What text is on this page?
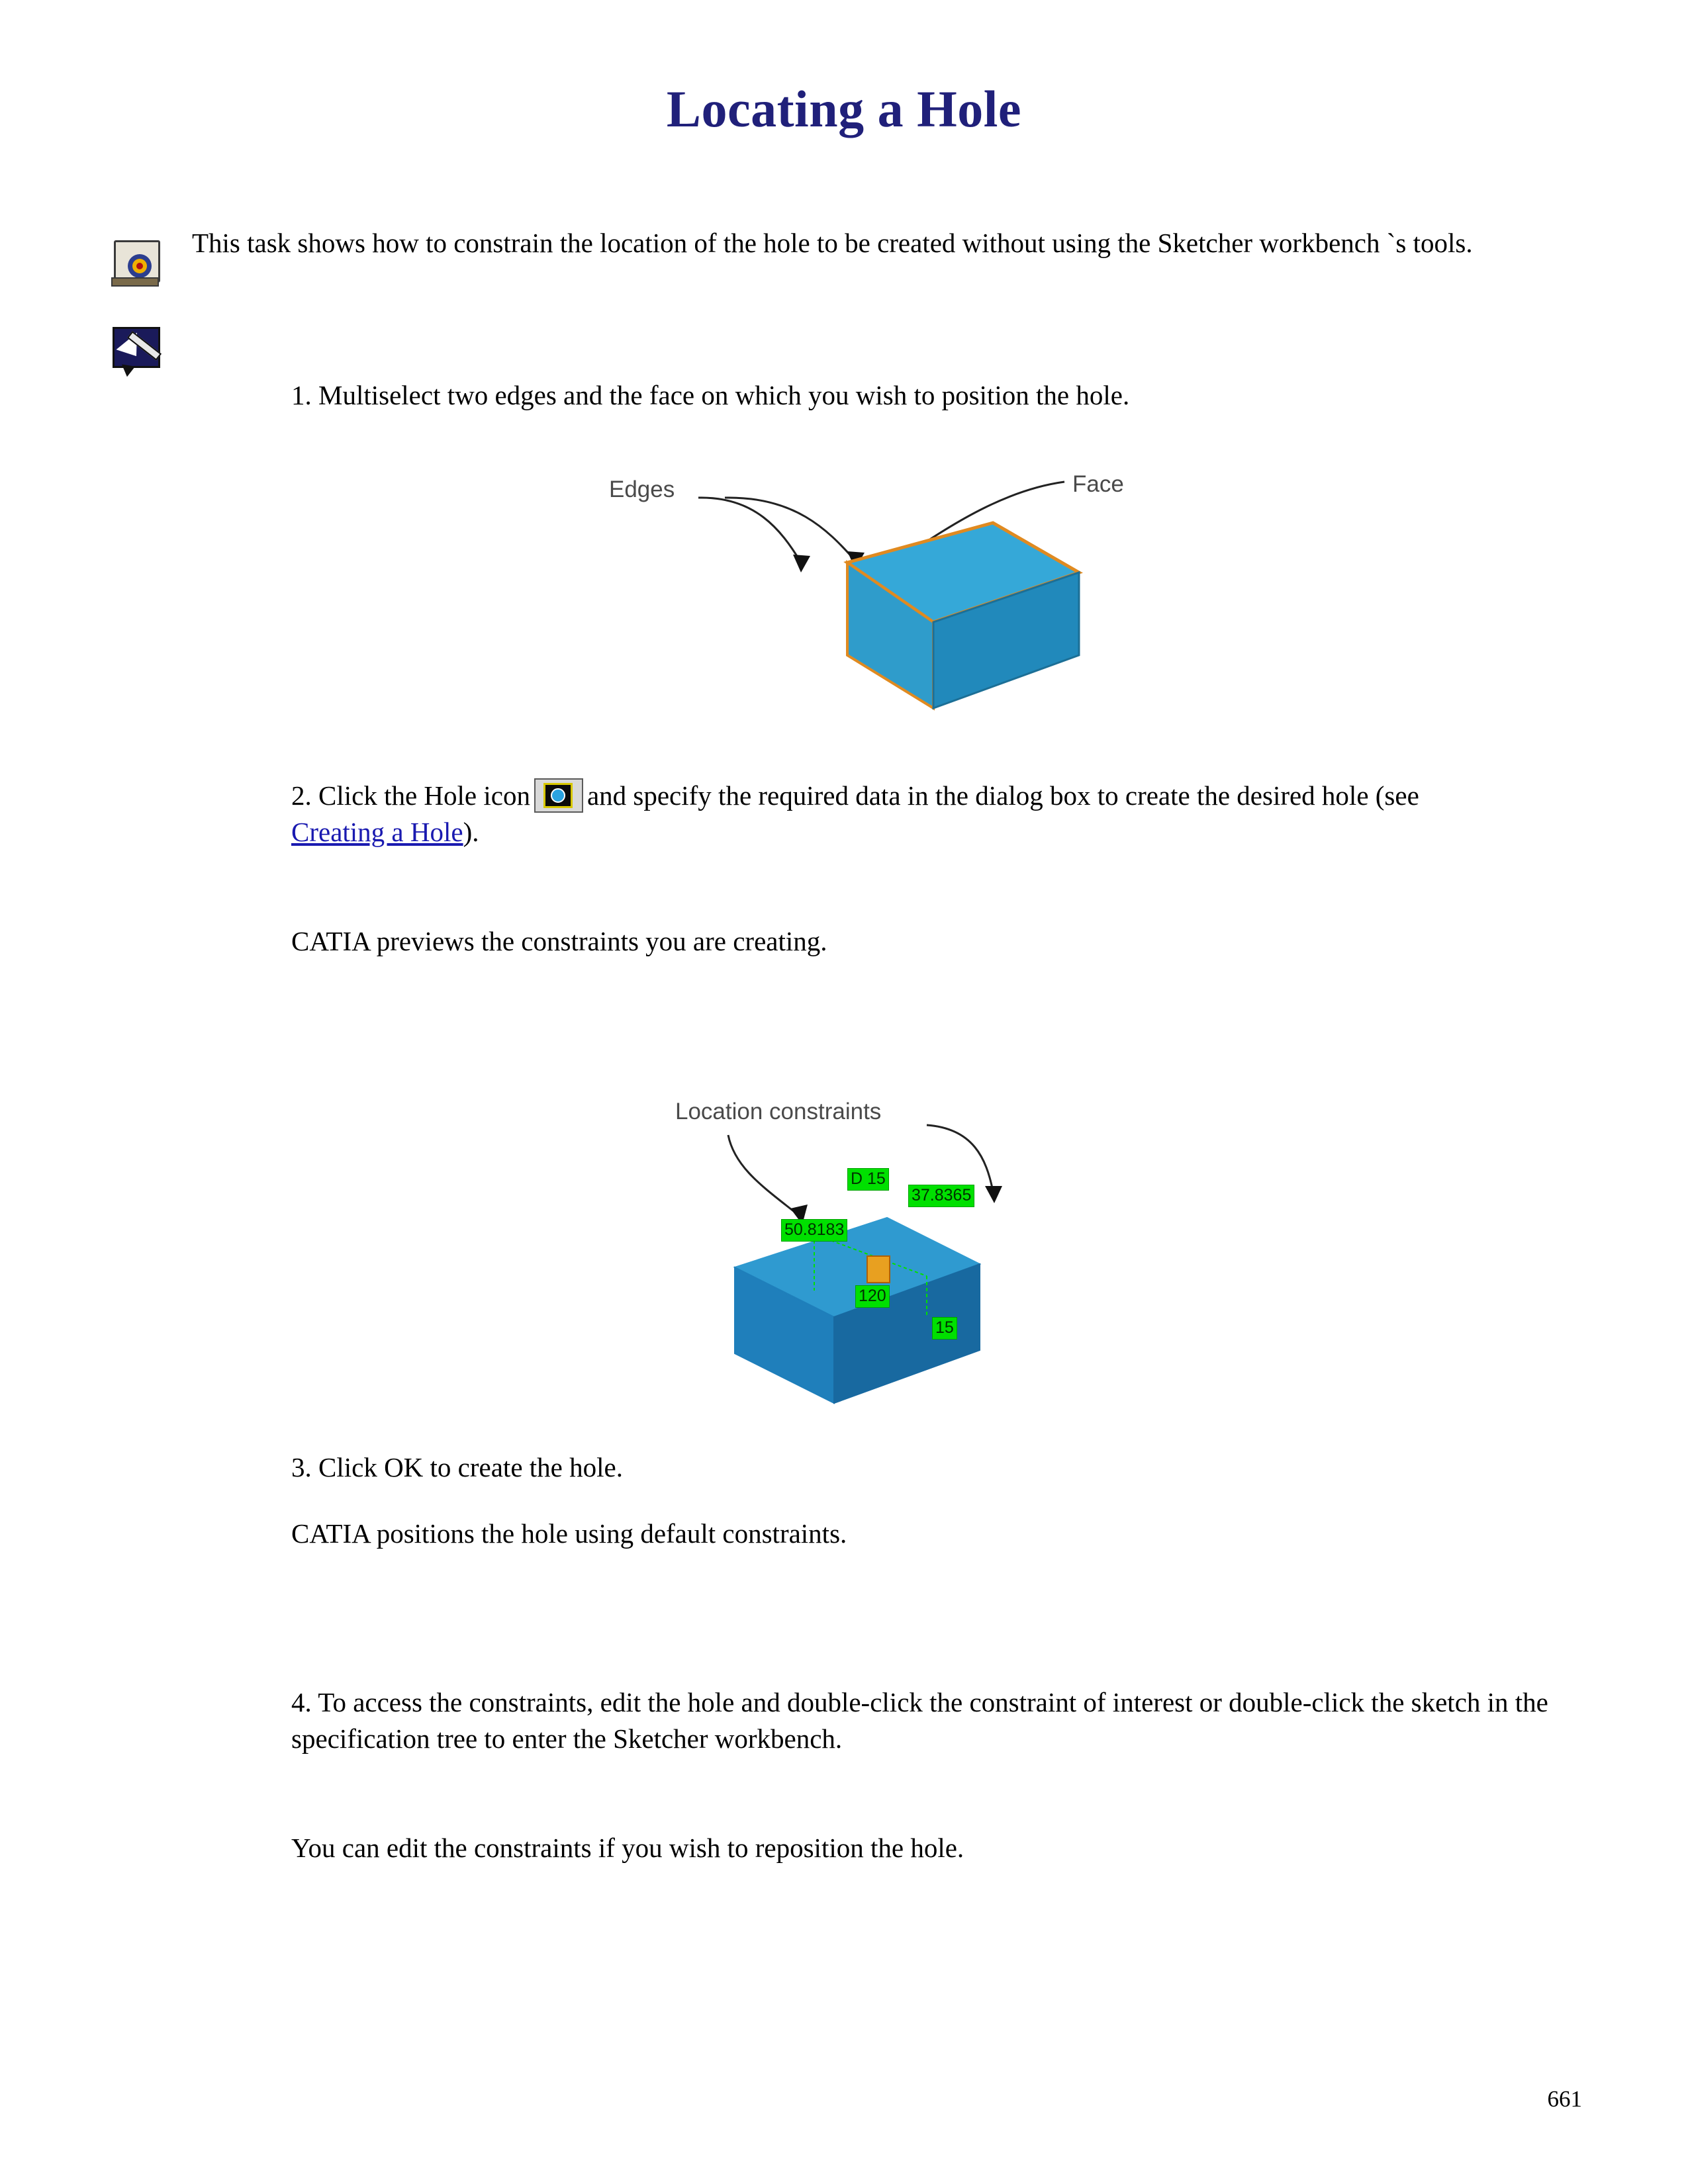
Locating a Hole
This task shows how to constrain the location of the hole to be created without using the Sketcher workbench `s tools.
1. Multiselect two edges and the face on which you wish to position the hole.
Edges	Face
2. Click the Hole icon and specify the required data in the dialog box to create the desired hole (see Creating a Hole).
CATIA previews the constraints you are creating.
Location constraints
D 15
37.8365
50.8183
120
15
3. Click OK to create the hole.
CATIA positions the hole using default constraints.
4. To access the constraints, edit the hole and double-click the constraint of interest or double-click the sketch in the specification tree to enter the Sketcher workbench.
You can edit the constraints if you wish to reposition the hole.
661
